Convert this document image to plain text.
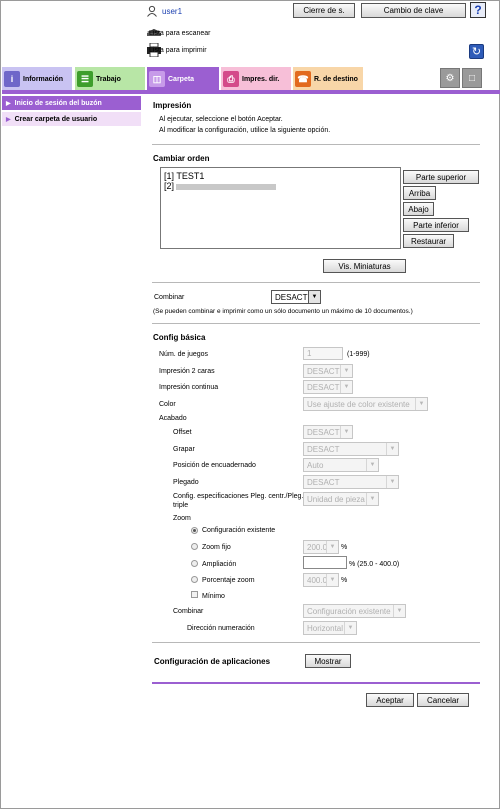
user1	Cierre de s.	Cambio de clave	?
Lista para escanear
Lista para imprimir	↻
i	Información	☰ Trabajo	◫ Carpeta	⎙	Impres. dir. ☎ R. de destino	⚙	□
▶ Inicio de sesión del buzón
▶ Crear carpeta de usuario
Impresión
Al ejecutar, seleccione el botón Aceptar.
Al modificar la configuración, utilice la siguiente opción.
Cambiar orden
[1] TEST1
[2]
Parte superior
Arriba
Abajo
Parte inferior
Restaurar
Vis. Miniaturas
Combinar	DESACT ▼
(Se pueden combinar e imprimir como un sólo documento un máximo de 10 documentos.)
Config básica
Núm. de juegos	1	(1-999)
Impresión 2 caras	DESACT ▼
Impresión continua	DESACT ▼
Color	Use ajuste de color existente	▼
Acabado
Offset	DESACT ▼
Grapar	DESACT	▼
Posición de encuadernado	Auto	▼
Plegado	DESACT	▼
Config. especificaciones Pleg. centr./Pleg.
triple
Unidad de pieza ▼
Zoom
Configuración existente
Zoom fijo	200.0 ▼ %
Ampliación	% (25.0 - 400.0)
Porcentaje zoom	400.0 ▼ %
Mínimo
Combinar	Configuración existente ▼
Dirección numeración	Horizontal ▼
Configuración de aplicaciones	Mostrar
Aceptar	Cancelar
